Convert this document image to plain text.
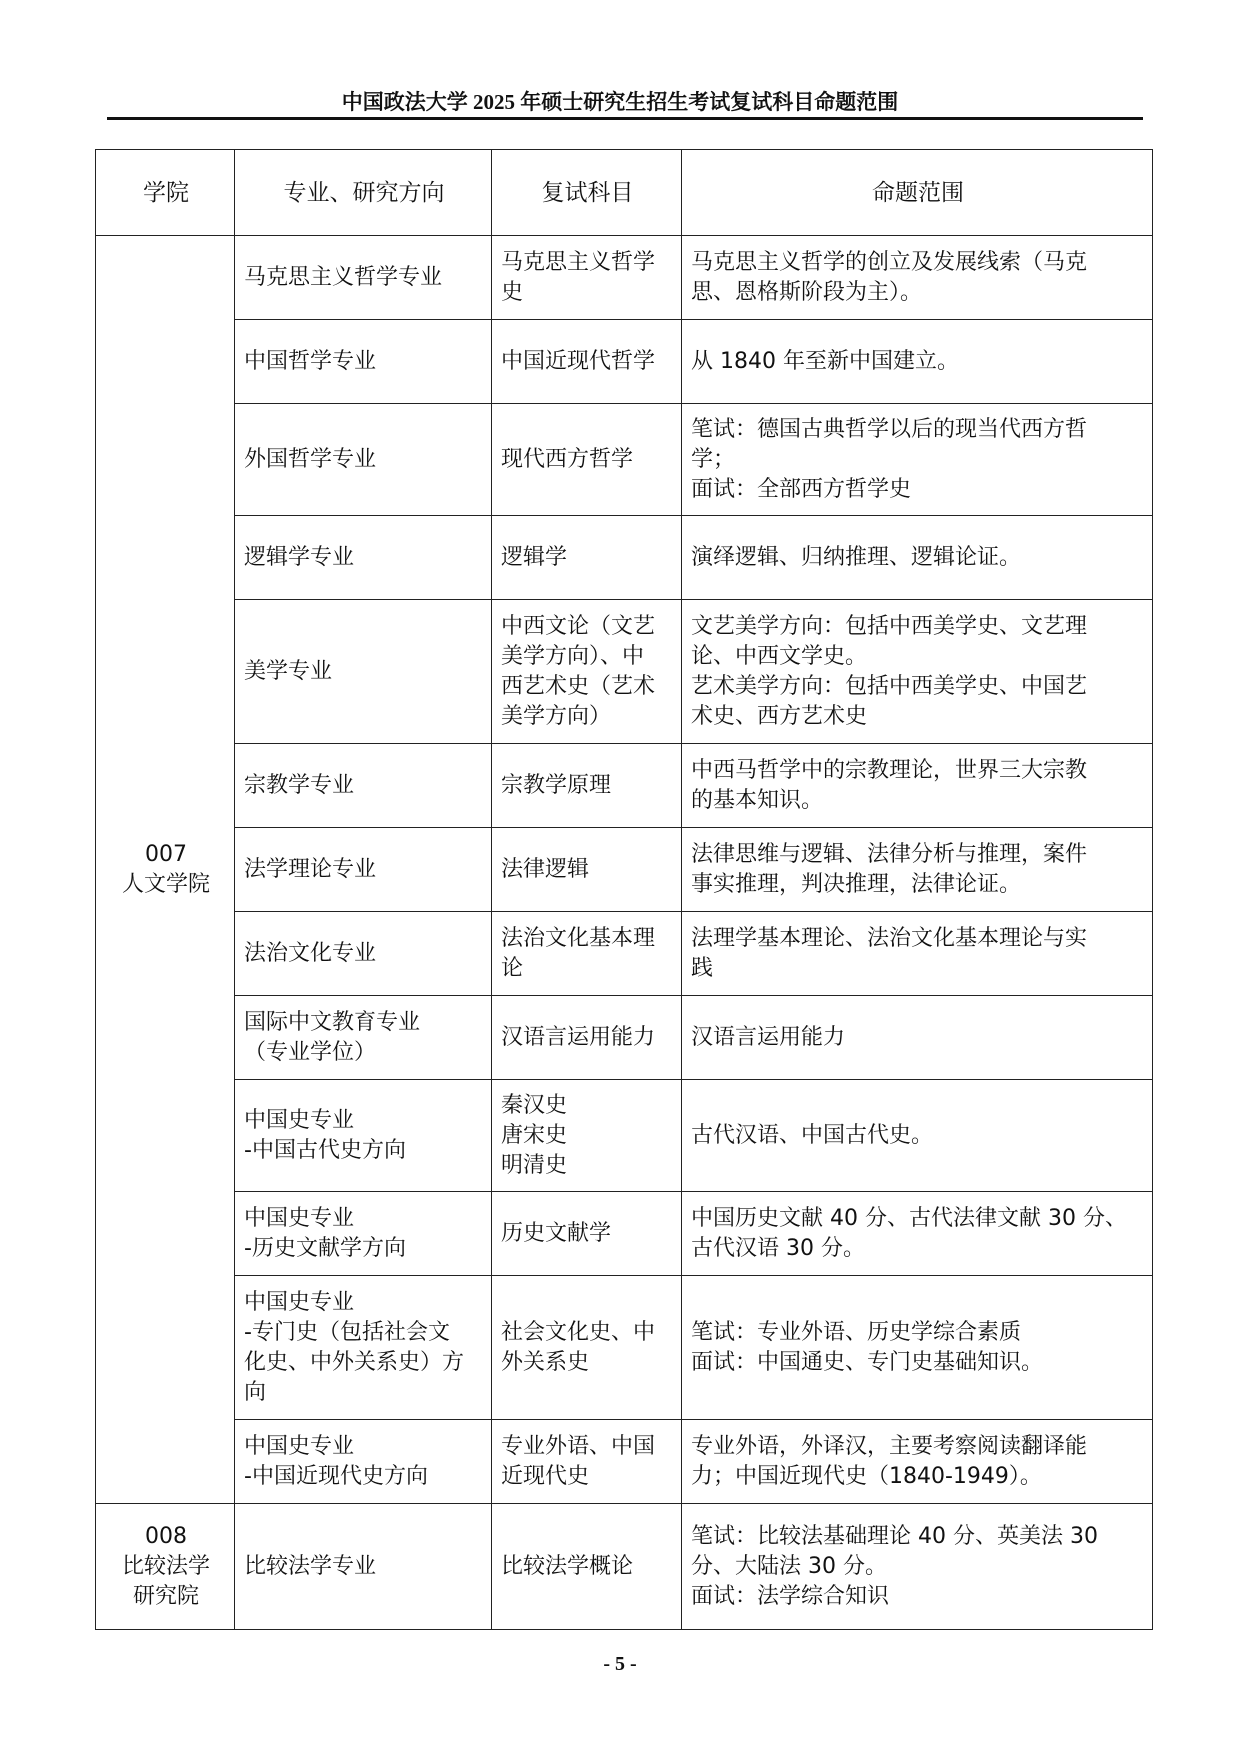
中国政法大学 2025 年硕士研究生招生考试复试科目命题范围
学院	专业、研究方向	复试科目	命题范围
007
人文学院	马克思主义哲学专业	马克思主义哲学
史	马克思主义哲学的创立及发展线索（马克
思、恩格斯阶段为主）。
	中国哲学专业	中国近现代哲学	从 1840 年至新中国建立。
	外国哲学专业	现代西方哲学	笔试：德国古典哲学以后的现当代西方哲
学；
面试：全部西方哲学史
	逻辑学专业	逻辑学	演绎逻辑、归纳推理、逻辑论证。
	美学专业	中西文论（文艺
美学方向）、中
西艺术史（艺术
美学方向）	文艺美学方向：包括中西美学史、文艺理
论、中西文学史。
艺术美学方向：包括中西美学史、中国艺
术史、西方艺术史
	宗教学专业	宗教学原理	中西马哲学中的宗教理论，世界三大宗教
的基本知识。
	法学理论专业	法律逻辑	法律思维与逻辑、法律分析与推理，案件
事实推理，判决推理，法律论证。
	法治文化专业	法治文化基本理
论	法理学基本理论、法治文化基本理论与实
践
	国际中文教育专业
（专业学位）	汉语言运用能力	汉语言运用能力
	中国史专业
-中国古代史方向	秦汉史
唐宋史
明清史	古代汉语、中国古代史。
	中国史专业
-历史文献学方向	历史文献学	中国历史文献 40 分、古代法律文献 30 分、
古代汉语 30 分。
	中国史专业
-专门史（包括社会文
化史、中外关系史）方
向	社会文化史、中
外关系史	笔试：专业外语、历史学综合素质
面试：中国通史、专门史基础知识。
	中国史专业
-中国近现代史方向	专业外语、中国
近现代史	专业外语，外译汉，主要考察阅读翻译能
力；中国近现代史（1840-1949）。
008
比较法学
研究院	比较法学专业	比较法学概论	笔试：比较法基础理论 40 分、英美法 30
分、大陆法 30 分。
面试：法学综合知识
- 5 -
